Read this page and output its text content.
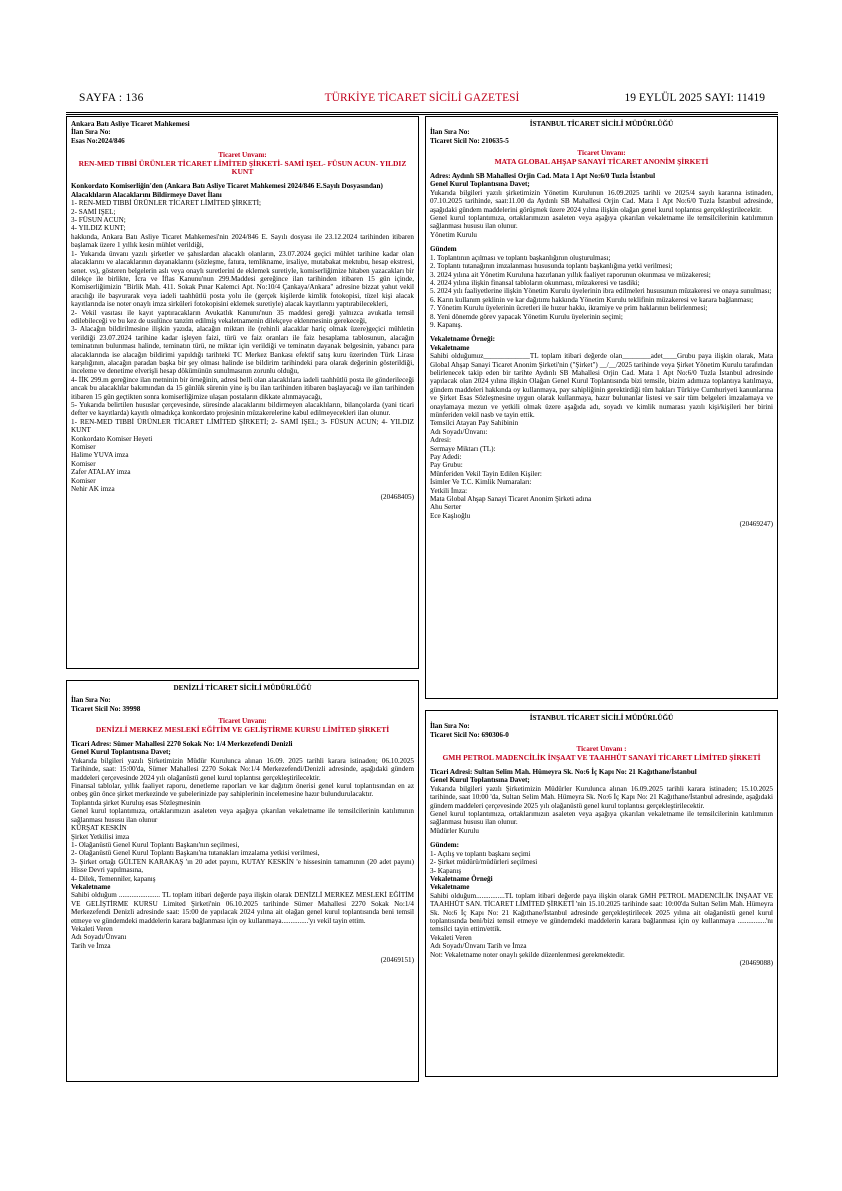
SAYFA : 136	TÜRKİYE TİCARET SİCİLİ GAZETESİ	19 EYLÜL 2025 SAYI: 11419

Ankara Batı Asliye Ticaret Mahkemesi

İlan Sıra No:

Esas No:2024/846

Ticaret Unvanı:

REN-MED TIBBİ ÜRÜNLER TİCARET LİMİTED ŞİRKETİ- SAMİ IŞEL- FÜSUN ACUN- YILDIZ KUNT

Konkordato Komiserliğin'den (Ankara Batı Asliye Ticaret Mahkemesi 2024/846 E.Sayılı Dosyasından)

Alacaklıların Alacaklarını Bildirmeye Davet İlanı

1- REN-MED TIBBİ ÜRÜNLER TİCARET LİMİTED ŞİRKETİ;

2- SAMİ IŞEL;

3- FÜSUN ACUN;

4- YILDIZ KUNT;

hakkında, Ankara Batı Asliye Ticaret Mahkemesi'nin 2024/846 E. Sayılı dosyası ile 23.12.2024 tarihinden itibaren başlamak üzere 1 yıllık kesin mühlet verildiği,

1- Yukarıda ünvanı yazılı şirketler ve şahıslardan alacaklı olanların, 23.07.2024 geçici mühlet tarihine kadar olan alacaklarını ve alacaklarının dayanaklarını (sözleşme, fatura, temlikname, irsaliye, mutabakat mektubu, hesap ekstresi, senet. vs), gösteren belgelerin aslı veya onaylı suretlerini de eklemek suretiyle, komiserliğimize hitaben yazacakları bir dilekçe ile birlikte, İcra ve İflas Kanunu'nun 299.Maddesi gereğince ilan tarihinden itibaren 15 gün içinde, Komiserliğimizin "Birlik Mah. 411. Sokak Pınar Kalemci Apt. No:10/4 Çankaya/Ankara" adresine bizzat yahut vekil aracılığı ile başvurarak veya iadeli taahhütlü posta yolu ile (gerçek kişilerde kimlik fotokopisi, tüzel kişi alacak kayıtlarında ise noter onaylı imza sirküleri fotokopisini eklemek suretiyle) alacak kayıtlarını yaptırabilecekleri,

2- Vekil vasıtası ile kayıt yaptıracakların Avukatlık Kanunu'nun 35 maddesi gereği yalnızca avukatla temsil edilebileceği ve bu kez de usulünce tanzim edilmiş vekaletnamenin dilekçeye eklenmesinin gerekeceği,

3- Alacağın bildirilmesine ilişkin yazıda, alacağın miktarı ile (rehinli alacaklar hariç olmak üzere)geçici mühletin verildiği 23.07.2024 tarihine kadar işleyen faizi, türü ve faiz oranları ile faiz hesaplama tablosunun, alacağın teminatının bulunması halinde, teminatın türü, ne miktar için verildiği ve teminatın dayanak belgesinin, yabancı para alacaklarında ise alacağın bildirimi yapıldığı tarihteki TC Merkez Bankası efektif satış kuru üzerinden Türk Lirası karşılığının, alacağın paradan başka bir şey olması halinde ise bildirim tarihindeki para olarak değerinin gösterildiği, inceleme ve denetime elverişli hesap dökümünün sunulmasının zorunlu olduğu,

4- İİK 299.m gereğince ilan metninin bir örneğinin, adresi belli olan alacaklılara iadeli taahhütlü posta ile gönderileceği ancak bu alacaklılar bakımından da 15 günlük sürenin yine iş bu ilan tarihinden itibaren başlayacağı ve ilan tarihinden itibaren 15 gün geçtikten sonra komiserliğimize ulaşan postaların dikkate alınmayacağı,

5- Yukarıda belirtilen hususlar çerçevesinde, süresinde alacaklarını bildirmeyen alacaklıların, bilançolarda (yani ticari defter ve kayıtlarda) kayıtlı olmadıkça konkordato projesinin müzakerelerine kabul edilmeyecekleri ilan olunur.

1- REN-MED TIBBİ ÜRÜNLER TİCARET LİMİTED ŞİRKETİ; 2- SAMİ IŞEL; 3- FÜSUN ACUN; 4- YILDIZ KUNT

Konkordato Komiser Heyeti

Komiser

Halime YUVA imza

Komiser

Zafer ATALAY imza

Komiser

Nehir AK imza

(20468405)

İSTANBUL TİCARET SİCİLİ MÜDÜRLÜĞÜ

İlan Sıra No:

Ticaret Sicil No: 210635-5

Ticaret Unvanı:

MATA GLOBAL AHŞAP SANAYİ TİCARET ANONİM ŞİRKETİ

Adres: Aydınlı SB Mahallesi Orjin Cad. Mata 1 Apt No:6/0 Tuzla İstanbul

Genel Kurul Toplantısına Davet;

Yukarıda bilgileri yazılı şirketimizin Yönetim Kurulunun 16.09.2025 tarihli ve 2025/4 sayılı kararına istinaden, 07.10.2025 tarihinde, saat:11.00 da Aydınlı SB Mahallesi Orjin Cad. Mata 1 Apt No:6/0 Tuzla İstanbul adresinde, aşağıdaki gündem maddelerini görüşmek üzere 2024 yılına ilişkin olağan genel kurul toplantısı gerçekleştirilecektir.

Genel kurul toplantımıza, ortaklarımızın asaleten veya aşağıya çıkarılan vekaletname ile temsilcilerinin katılımının sağlanması hususu ilan olunur.

Yönetim Kurulu

Gündem

1. Toplantının açılması ve toplantı başkanlığının oluşturulması;

2. Toplantı tutanağının imzalanması hususunda toplantı başkanlığına yetki verilmesi;

3. 2024 yılına ait Yönetim Kuruluna hazırlanan yıllık faaliyet raporunun okunması ve müzakeresi;

4. 2024 yılına ilişkin finansal tabloların okunması, müzakeresi ve tasdiki;

5. 2024 yılı faaliyetlerine ilişkin Yönetim Kurulu üyelerinin ibra edilmeleri hususunun müzakeresi ve onaya sunulması;

6. Karın kullanım şeklinin ve kar dağıtımı hakkında Yönetim Kurulu teklifinin müzakeresi ve karara bağlanması;

7. Yönetim Kurulu üyelerinin ücretleri ile huzur hakkı, ikramiye ve prim haklarının belirlenmesi;

8. Yeni dönemde görev yapacak Yönetim Kurulu üyelerinin seçimi;

9. Kapanış.

Vekaletname Örneği:

Vekaletname

Sahibi olduğumuz_____________TL toplam itibari değerde olan________adet____Grubu paya ilişkin olarak, Mata Global Ahşap Sanayi Ticaret Anonim Şirketi'nin ("Şirket") __/__/2025 tarihinde veya Şirket Yönetim Kurulu tarafından belirlenecek takip eden bir tarihte Aydınlı SB Mahallesi Orjin Cad. Mata 1 Apt No:6/0 Tuzla İstanbul adresinde yapılacak olan 2024 yılına ilişkin Olağan Genel Kurul Toplantısında bizi temsile, bizim adımıza toplantıya katılmaya, gündem maddeleri hakkında oy kullanmaya, pay sahipliğinin gerektirdiği tüm hakları Türkiye Cumhuriyeti kanunlarına ve Şirket Esas Sözleşmesine uygun olarak kullanmaya, hazır bulunanlar listesi ve sair tüm belgeleri imzalamaya ve onaylamaya mezun ve yetkili olmak üzere aşağıda adı, soyadı ve kimlik numarası yazılı kişi/kişileri her birini münferiden vekil nasb ve tayin ettik.

Temsilci Atayan Pay Sahibinin

Adı Soyadı/Ünvanı:

Adresi:

Sermaye Miktarı (TL):

Pay Adedi:

Pay Grubu:

Münferiden Vekil Tayin Edilen Kişiler:

İsimler Ve T.C. Kimlik Numaraları:

Yetkili İmza:

Mata Global Ahşap Sanayi Ticaret Anonim Şirketi adına

Ahu Serter

Ece Kaşlıoğlu

(20469247)

DENİZLİ TİCARET SİCİLİ MÜDÜRLÜĞÜ

İlan Sıra No:

Ticaret Sicil No: 39998

Ticaret Unvanı:

DENİZLİ MERKEZ MESLEKİ EĞİTİM VE GELİŞTİRME KURSU LİMİTED ŞİRKETİ

Ticari Adres: Sümer Mahallesi 2270 Sokak No: 1/4 Merkezefendi Denizli

Genel Kurul Toplantısına Davet;

Yukarıda bilgileri yazılı Şirketimizin Müdür Kurulunca alınan 16.09. 2025 tarihli karara istinaden; 06.10.2025 Tarihinde, saat: 15:00'da, Sümer Mahallesi 2270 Sokak No:1/4 Merkezefendi/Denizli adresinde, aşağıdaki gündem maddeleri çerçevesinde 2024 yılı olağanüstü genel kurul toplantısı gerçekleştirilecektir.

Finansal tablolar, yıllık faaliyet raporu, denetleme raporları ve kar dağıtım önerisi genel kurul toplantısından en az onbeş gün önce şirket merkezinde ve şubelerinizde pay sahiplerinin incelemesine hazır bulundurulacaktır.

Toplantıda şirket Kuruluş esas Sözleşmesinin

Genel kurul toplantımıza, ortaklarımızın asaleten veya aşağıya çıkarılan vekaletname ile temsilcilerinin katılımının sağlanması hususu ilan olunur

KÜRŞAT KESKİN

Şirket Yetkilisi imza

1- Olağanüstü Genel Kurul Toplantı Başkanı'nın seçilmesi,

2- Olağanüstü Genel Kurul Toplantı Başkanı'na tutanakları imzalama yetkisi verilmesi,

3- Şirket ortağı GÜLTEN KARAKAŞ 'ın 20 adet payını, KUTAY KESKİN 'e hissesinin tamamının (20 adet payını) Hisse Devri yapılmasına,

4- Dilek, Temenniler, kapanış

Vekaletname

Sahibi olduğum ....................... TL toplam itibari değerde paya ilişkin olarak DENİZLİ MERKEZ MESLEKİ EĞİTİM VE GELİŞTİRME KURSU Limited Şirketi'nin 06.10.2025 tarihinde Sümer Mahallesi 2270 Sokak No:1/4 Merkezefendi Denizli adresinde saat: 15:00 de yapılacak 2024 yılına ait olağan genel kurul toplantısında beni temsil etmeye ve gündemdeki maddelerin karara bağlanması için oy kullanmaya...............'yı vekil tayin ettim.

Vekaleti Veren

Adı Soyadı/Ünvanı

Tarih ve İmza

(20469151)

İSTANBUL TİCARET SİCİLİ MÜDÜRLÜĞÜ

İlan Sıra No:

Ticaret Sicil No: 690306-0

Ticaret Unvanı :

GMH PETROL MADENCİLİK İNŞAAT VE TAAHHÜT SANAYİ TİCARET LİMİTED ŞİRKETİ

Ticari Adresi: Sultan Selim Mah. Hümeyra Sk. No:6 İç Kapı No: 21 Kağıthane/İstanbul

Genel Kurul Toplantısına Davet;

Yukarıda bilgileri yazılı Şirketimizin Müdürler Kurulunca alınan 16.09.2025 tarihli karara istinaden; 15.10.2025 tarihinde, saat 10:00 'da, Sultan Selim Mah. Hümeyra Sk. No:6 İç Kapı No: 21 Kağıthane/İstanbul adresinde, aşağıdaki gündem maddeleri çerçevesinde 2025 yılı olağanüstü genel kurul toplantısı gerçekleştirilecektir.

Genel kurul toplantımıza, ortaklarımızın asaleten veya aşağıya çıkarılan vekaletname ile temsilcilerinin katılımının sağlanması hususu ilan olunur.

Müdürler Kurulu

Gündem:

1- Açılış ve toplantı başkanı seçimi

2- Şirket müdürü/müdürleri seçilmesi

3- Kapanış

Vekaletname Örneği

Vekaletname

Sahibi olduğum................TL toplam itibari değerde paya ilişkin olarak GMH PETROL MADENCİLİK İNŞAAT VE TAAHHÜT SAN. TİCARET LİMİTED ŞİRKETİ 'nin 15.10.2025 tarihinde saat: 10:00'da Sultan Selim Mah. Hümeyra Sk. No:6 İç Kapı No: 21 Kağıthane/İstanbul adresinde gerçekleştirilecek 2025 yılına ait olağanüstü genel kurul toplantısında beni/bizi temsil etmeye ve gündemdeki maddelerin karara bağlanması için oy kullanmaya ................'nı temsilci tayin ettim/ettik.

Vekaleti Veren

Adı Soyadı/Ünvanı Tarih ve İmza

Not: Vekaletname noter onaylı şekilde düzenlenmesi gerekmektedir.

(20469088)
